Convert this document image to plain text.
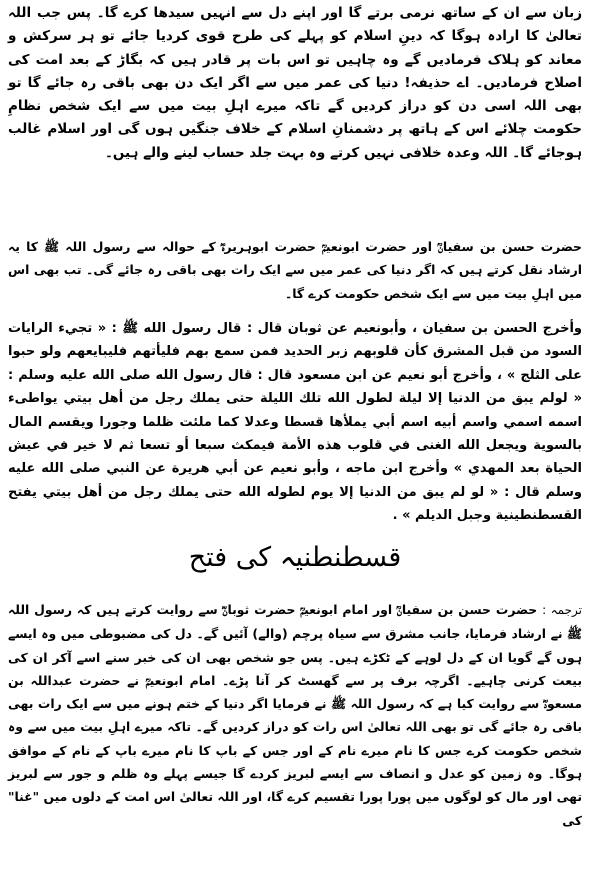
زبان سے ان کے ساتھ نرمی برتے گا اور اپنے دل سے انہیں سیدھا کرے گا۔ پس جب اللہ تعالیٰ کا ارادہ ہوگا کہ دینِ اسلام کو پہلے کی طرح قوی کردیا جائے تو ہر سرکش و معاند کو ہلاک فرمادیں گے وہ چاہیں تو اس بات پر قادر ہیں کہ بگاڑ کے بعد امت کی اصلاح فرمادیں۔ اے حذیفہ! دنیا کی عمر میں سے اگر ایک دن بھی باقی رہ جائے گا تو بھی اللہ اسی دن کو دراز کردیں گے تاکہ میرے اہلِ بیت میں سے ایک شخص نظامِ حکومت چلائے اس کے ہاتھ پر دشمنانِ اسلام کے خلاف جنگیں ہوں گی اور اسلام غالب ہوجائے گا۔ اللہ وعدہ خلافی نہیں کرتے وہ بہت جلد حساب لینے والے ہیں۔

حضرت حسن بن سفیانؒ اور حضرت ابونعیمؒ حضرت ابوہریرہؓ کے حوالہ سے رسول اللہ ﷺ کا یہ ارشاد نقل کرتے ہیں کہ اگر دنیا کی عمر میں سے ایک رات بھی باقی رہ جائے گی۔ تب بھی اس میں اہلِ بیت میں سے ایک شخص حکومت کرے گا۔

وأخرج الحسن بن سفيان ، وأبونعيم عن ثوبان قال : قال رسول الله ﷺ : « تجيء الرايات السود من قبل المشرق كأن قلوبهم زبر الحديد فمن سمع بهم فليأتهم فليبايعهم ولو حبوا على الثلج » ، وأخرج أبو نعيم عن ابن مسعود قال : قال رسول الله صلى الله عليه وسلم : « لولم يبق من الدنيا إلا ليلة لطول الله تلك الليلة حتى يملك رجل من أهل بيتي يواطىء اسمه اسمي واسم أبيه اسم أبي يملأها قسطا وعدلا كما ملئت ظلما وجورا ويقسم المال بالسوية ويجعل الله الغنى في قلوب هذه الأمة فيمكث سبعا أو تسعا ثم لا خير في عيش الحياة بعد المهدي » وأخرج ابن ماجه ، وأبو نعيم عن أبي هريرة عن النبي صلى الله عليه وسلم قال : « لو لم يبق من الدنيا إلا يوم لطوله الله حتى يملك رجل من أهل بيتي يفتح القسطنطينية وجبل الديلم » .

قسطنطنیہ کی فتح

ترجمہ : حضرت حسن بن سفیانؒ اور امام ابونعیمؒ حضرت ثوبانؓ سے روایت کرتے ہیں کہ رسول اللہ ﷺ نے ارشاد فرمایا، جانب مشرق سے سیاہ پرچم (والے) آئیں گے۔ دل کی مضبوطی میں وہ ایسے ہوں گے گویا ان کے دل لوہے کے ٹکڑے ہیں۔ پس جو شخص بھی ان کی خبر سنے اسے آکر ان کی بیعت کرنی چاہیے۔ اگرچہ برف پر سے گھسٹ کر آنا پڑے۔ امام ابونعیمؒ نے حضرت عبداللہ بن مسعودؓ سے روایت کیا ہے کہ رسول اللہ ﷺ نے فرمایا اگر دنیا کے ختم ہونے میں سے ایک رات بھی باقی رہ جائے گی تو بھی اللہ تعالیٰ اس رات کو دراز کردیں گے۔ تاکہ میرے اہلِ بیت میں سے وہ شخص حکومت کرے جس کا نام میرے نام کے اور جس کے باپ کا نام میرے باپ کے نام کے موافق ہوگا۔ وہ زمین کو عدل و انصاف سے ایسے لبریز کردے گا جیسے پہلے وہ ظلم و جور سے لبریز تھی اور مال کو لوگوں میں پورا پورا تقسیم کرے گا، اور اللہ تعالیٰ اس امت کے دلوں میں "غنا" کی
